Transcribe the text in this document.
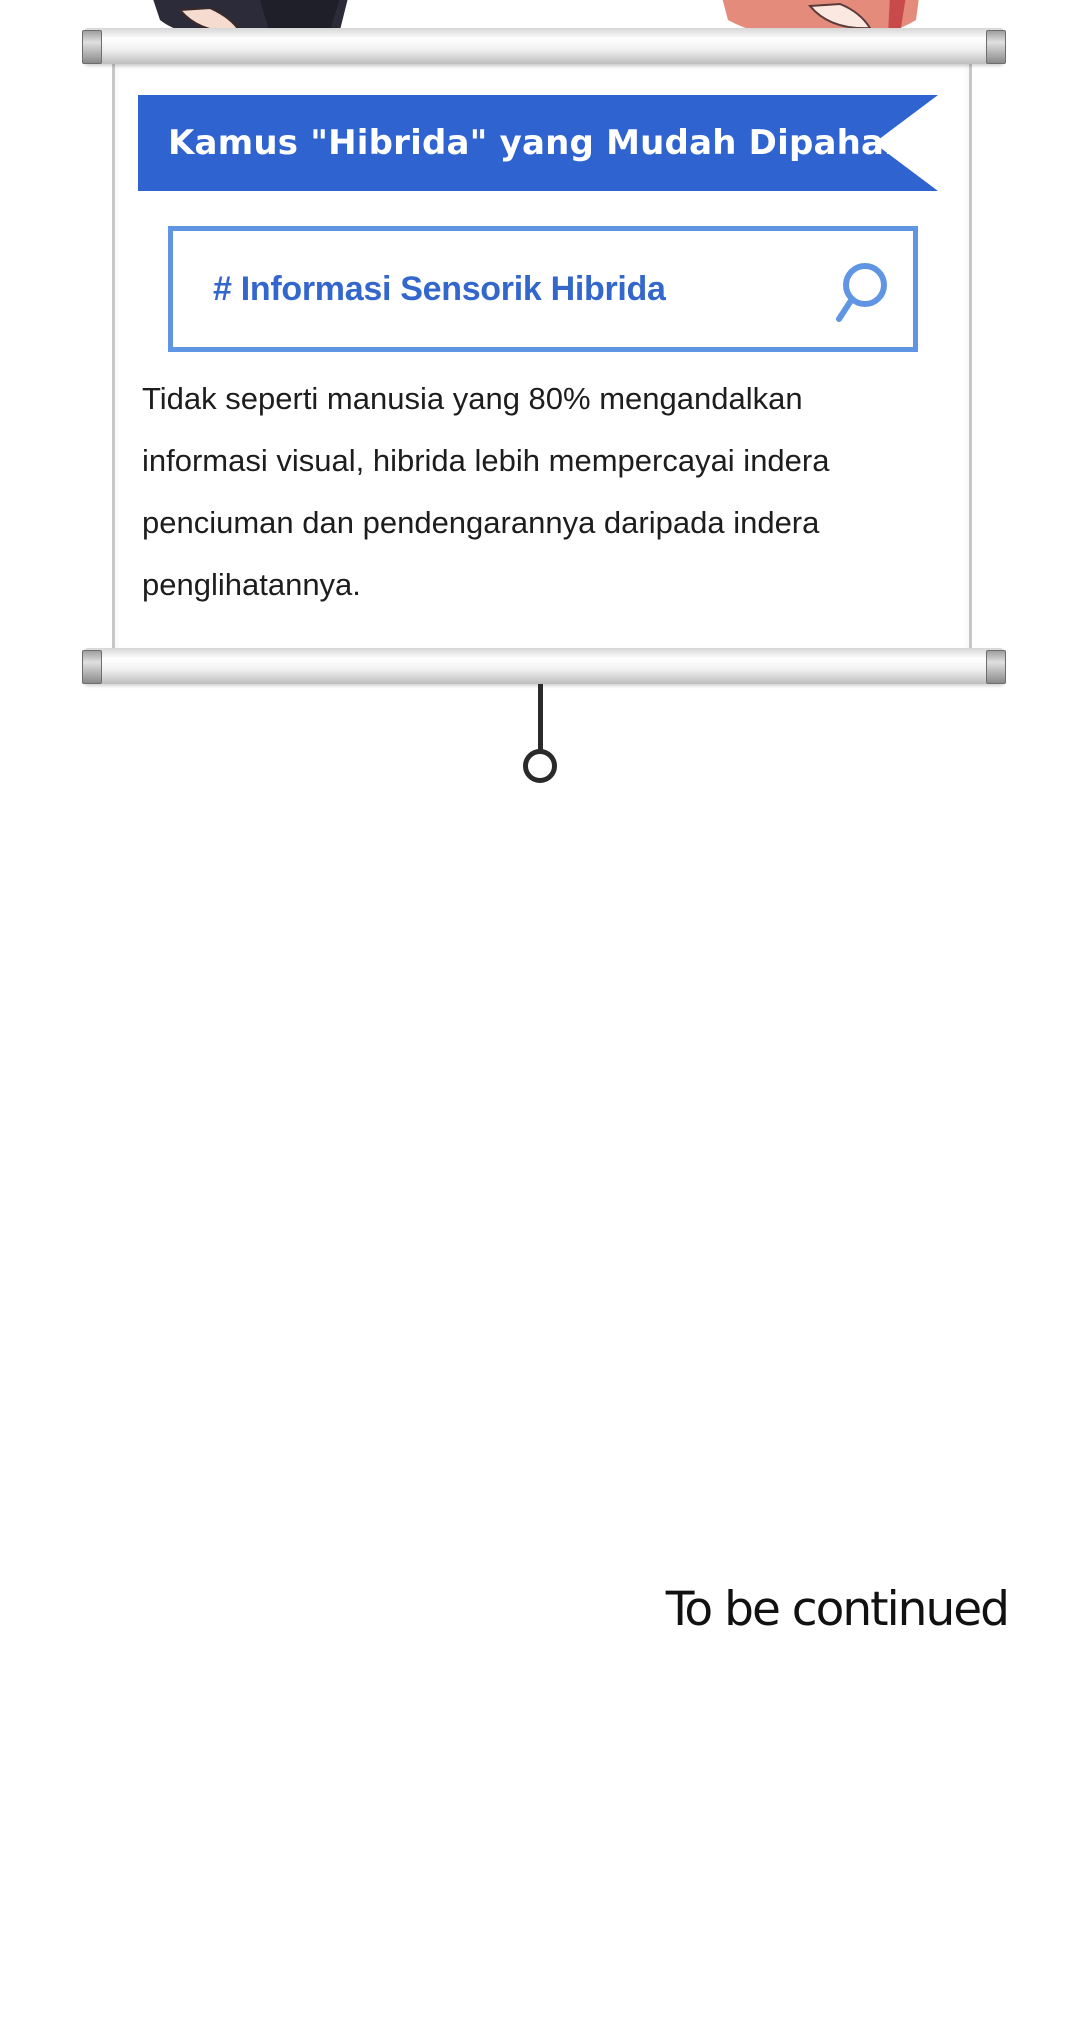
Kamus "Hibrida" yang Mudah Dipahami
# Informasi Sensorik Hibrida
Tidak seperti manusia yang 80% mengandalkan informasi visual, hibrida lebih mempercayai indera penciuman dan pendengarannya daripada indera penglihatannya.
To be continued
